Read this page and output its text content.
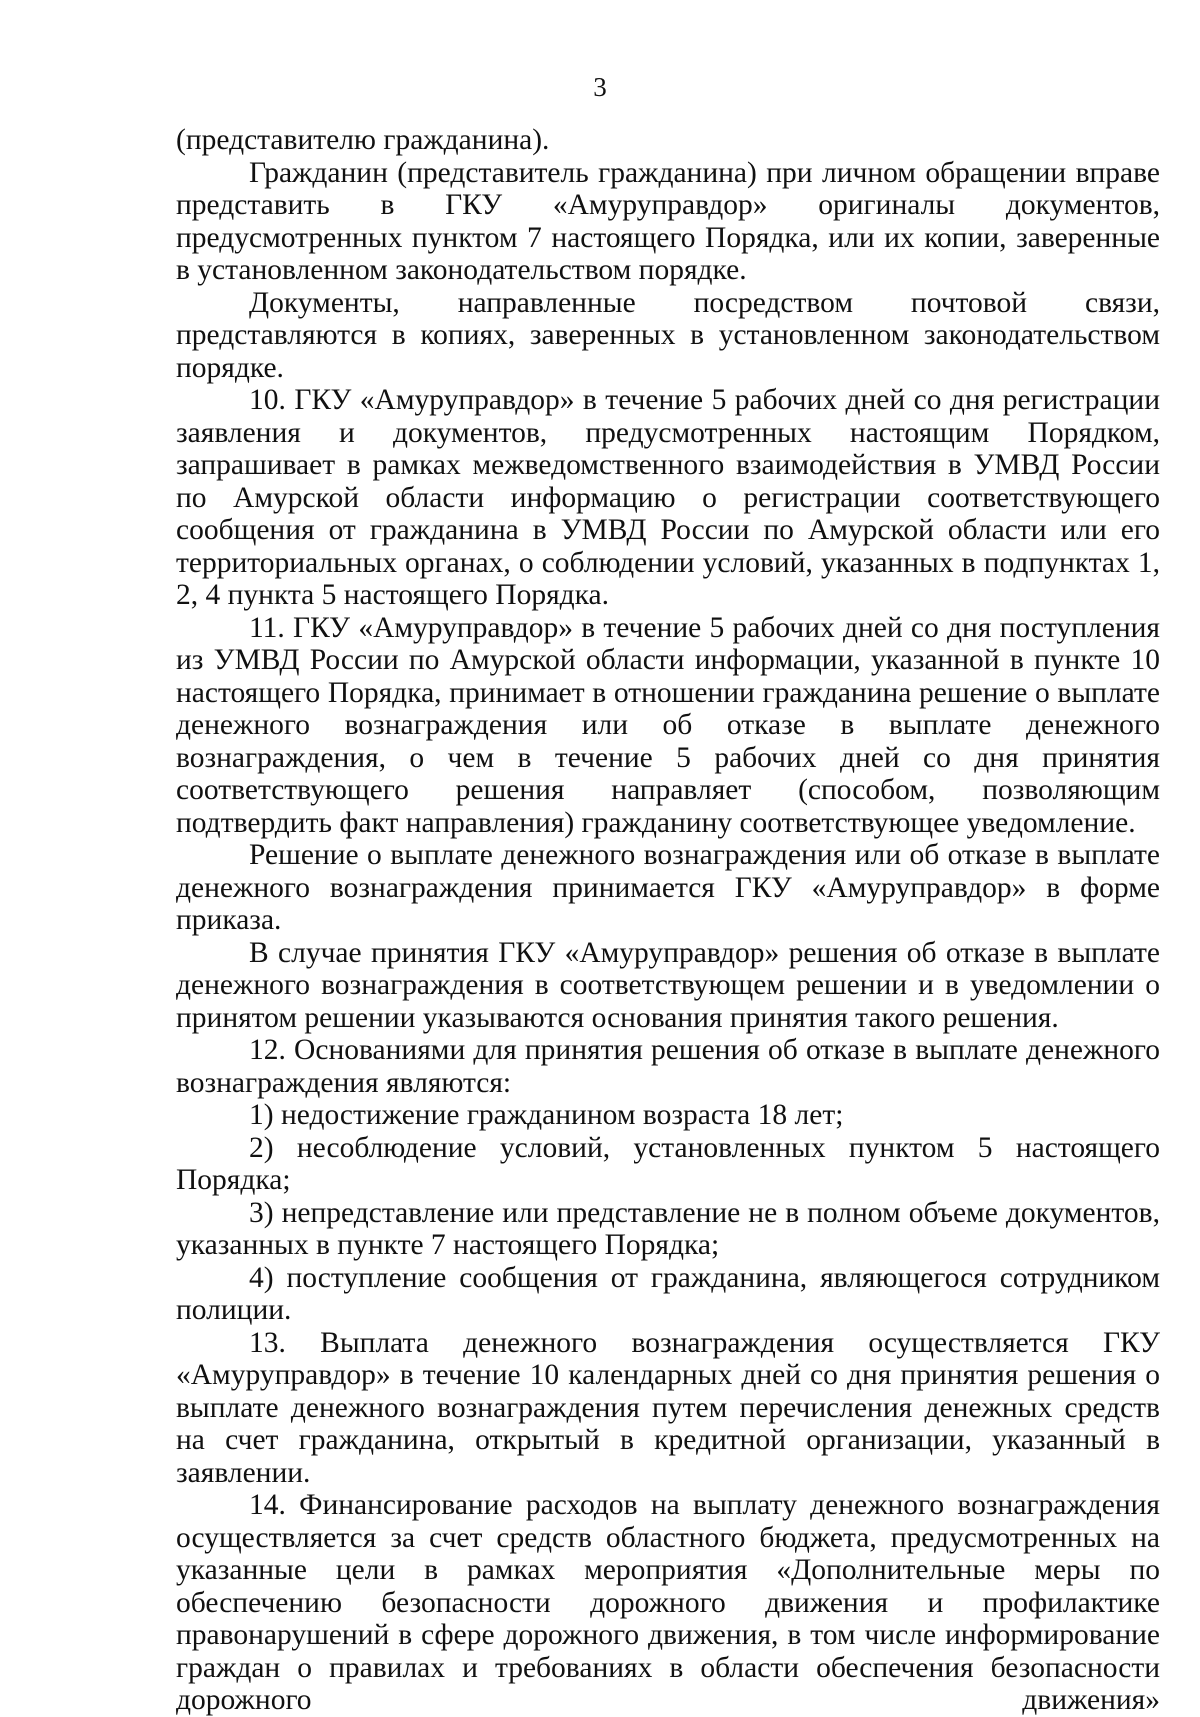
3

(представителю гражданина).

Гражданин (представитель гражданина) при личном обращении вправе представить в ГКУ «Амуруправдор» оригиналы документов, предусмотренных пунктом 7 настоящего Порядка, или их копии, заверенные в установленном законодательством порядке.

Документы, направленные посредством почтовой связи, представляются в копиях, заверенных в установленном законодательством порядке.

10. ГКУ «Амуруправдор» в течение 5 рабочих дней со дня регистрации заявления и документов, предусмотренных настоящим Порядком, запрашивает в рамках межведомственного взаимодействия в УМВД России по Амурской области информацию о регистрации соответствующего сообщения от гражданина в УМВД России по Амурской области или его территориальных органах, о соблюдении условий, указанных в подпунктах 1, 2, 4 пункта 5 настоящего Порядка.

11. ГКУ «Амуруправдор» в течение 5 рабочих дней со дня поступления из УМВД России по Амурской области информации, указанной в пункте 10 настоящего Порядка, принимает в отношении гражданина решение о выплате денежного вознаграждения или об отказе в выплате денежного вознаграждения, о чем в течение 5 рабочих дней со дня принятия соответствующего решения направляет (способом, позволяющим подтвердить факт направления) гражданину соответствующее уведомление.

Решение о выплате денежного вознаграждения или об отказе в выплате денежного вознаграждения принимается ГКУ «Амуруправдор» в форме приказа.

В случае принятия ГКУ «Амуруправдор» решения об отказе в выплате денежного вознаграждения в соответствующем решении и в уведомлении о принятом решении указываются основания принятия такого решения.

12. Основаниями для принятия решения об отказе в выплате денежного вознаграждения являются:

1) недостижение гражданином возраста 18 лет;

2) несоблюдение условий, установленных пунктом 5 настоящего Порядка;

3) непредставление или представление не в полном объеме документов, указанных в пункте 7 настоящего Порядка;

4) поступление сообщения от гражданина, являющегося сотрудником полиции.

13. Выплата денежного вознаграждения осуществляется ГКУ «Амуруправдор» в течение 10 календарных дней со дня принятия решения о выплате денежного вознаграждения путем перечисления денежных средств на счет гражданина, открытый в кредитной организации, указанный в заявлении.

14. Финансирование расходов на выплату денежного вознаграждения осуществляется за счет средств областного бюджета, предусмотренных на указанные цели в рамках мероприятия «Дополнительные меры по обеспечению безопасности дорожного движения и профилактике правонарушений в сфере дорожного движения, в том числе информирование граждан о правилах и требованиях в области обеспечения безопасности дорожного движения»
